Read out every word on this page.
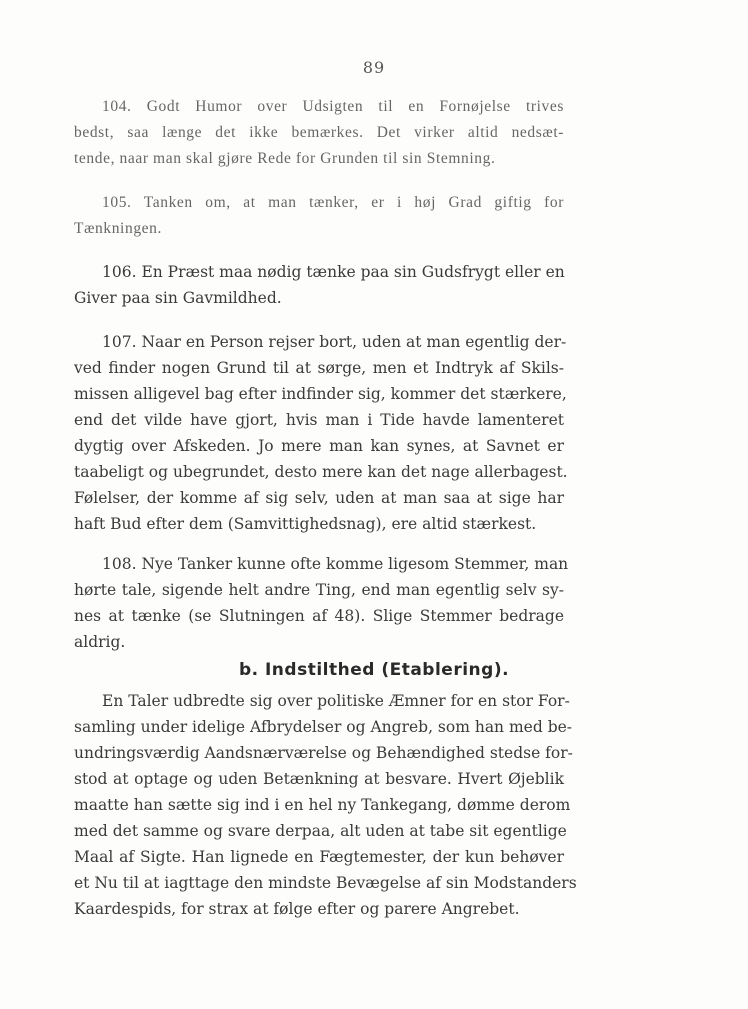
89
104. Godt Humor over Udsigten til en Fornøjelse trives
bedst, saa længe det ikke bemærkes. Det virker altid nedsæt-
tende, naar man skal gjøre Rede for Grunden til sin Stemning.
105. Tanken om, at man tænker, er i høj Grad giftig for
Tænkningen.
106. En Præst maa nødig tænke paa sin Gudsfrygt eller en
Giver paa sin Gavmildhed.
107. Naar en Person rejser bort, uden at man egentlig der-
ved finder nogen Grund til at sørge, men et Indtryk af Skils-
missen alligevel bag efter indfinder sig, kommer det stærkere,
end det vilde have gjort, hvis man i Tide havde lamenteret
dygtig over Afskeden. Jo mere man kan synes, at Savnet er
taabeligt og ubegrundet, desto mere kan det nage allerbagest.
Følelser, der komme af sig selv, uden at man saa at sige har
haft Bud efter dem (Samvittighedsnag), ere altid stærkest.
108. Nye Tanker kunne ofte komme ligesom Stemmer, man
hørte tale, sigende helt andre Ting, end man egentlig selv sy-
nes at tænke (se Slutningen af 48). Slige Stemmer bedrage
aldrig.
b. Indstilthed (Etablering).
En Taler udbredte sig over politiske Æmner for en stor For-
samling under idelige Afbrydelser og Angreb, som han med be-
undringsværdig Aandsnærværelse og Behændighed stedse for-
stod at optage og uden Betænkning at besvare. Hvert Øjeblik
maatte han sætte sig ind i en hel ny Tankegang, dømme derom
med det samme og svare derpaa, alt uden at tabe sit egentlige
Maal af Sigte. Han lignede en Fægtemester, der kun behøver
et Nu til at iagttage den mindste Bevægelse af sin Modstanders
Kaardespids, for strax at følge efter og parere Angrebet.
